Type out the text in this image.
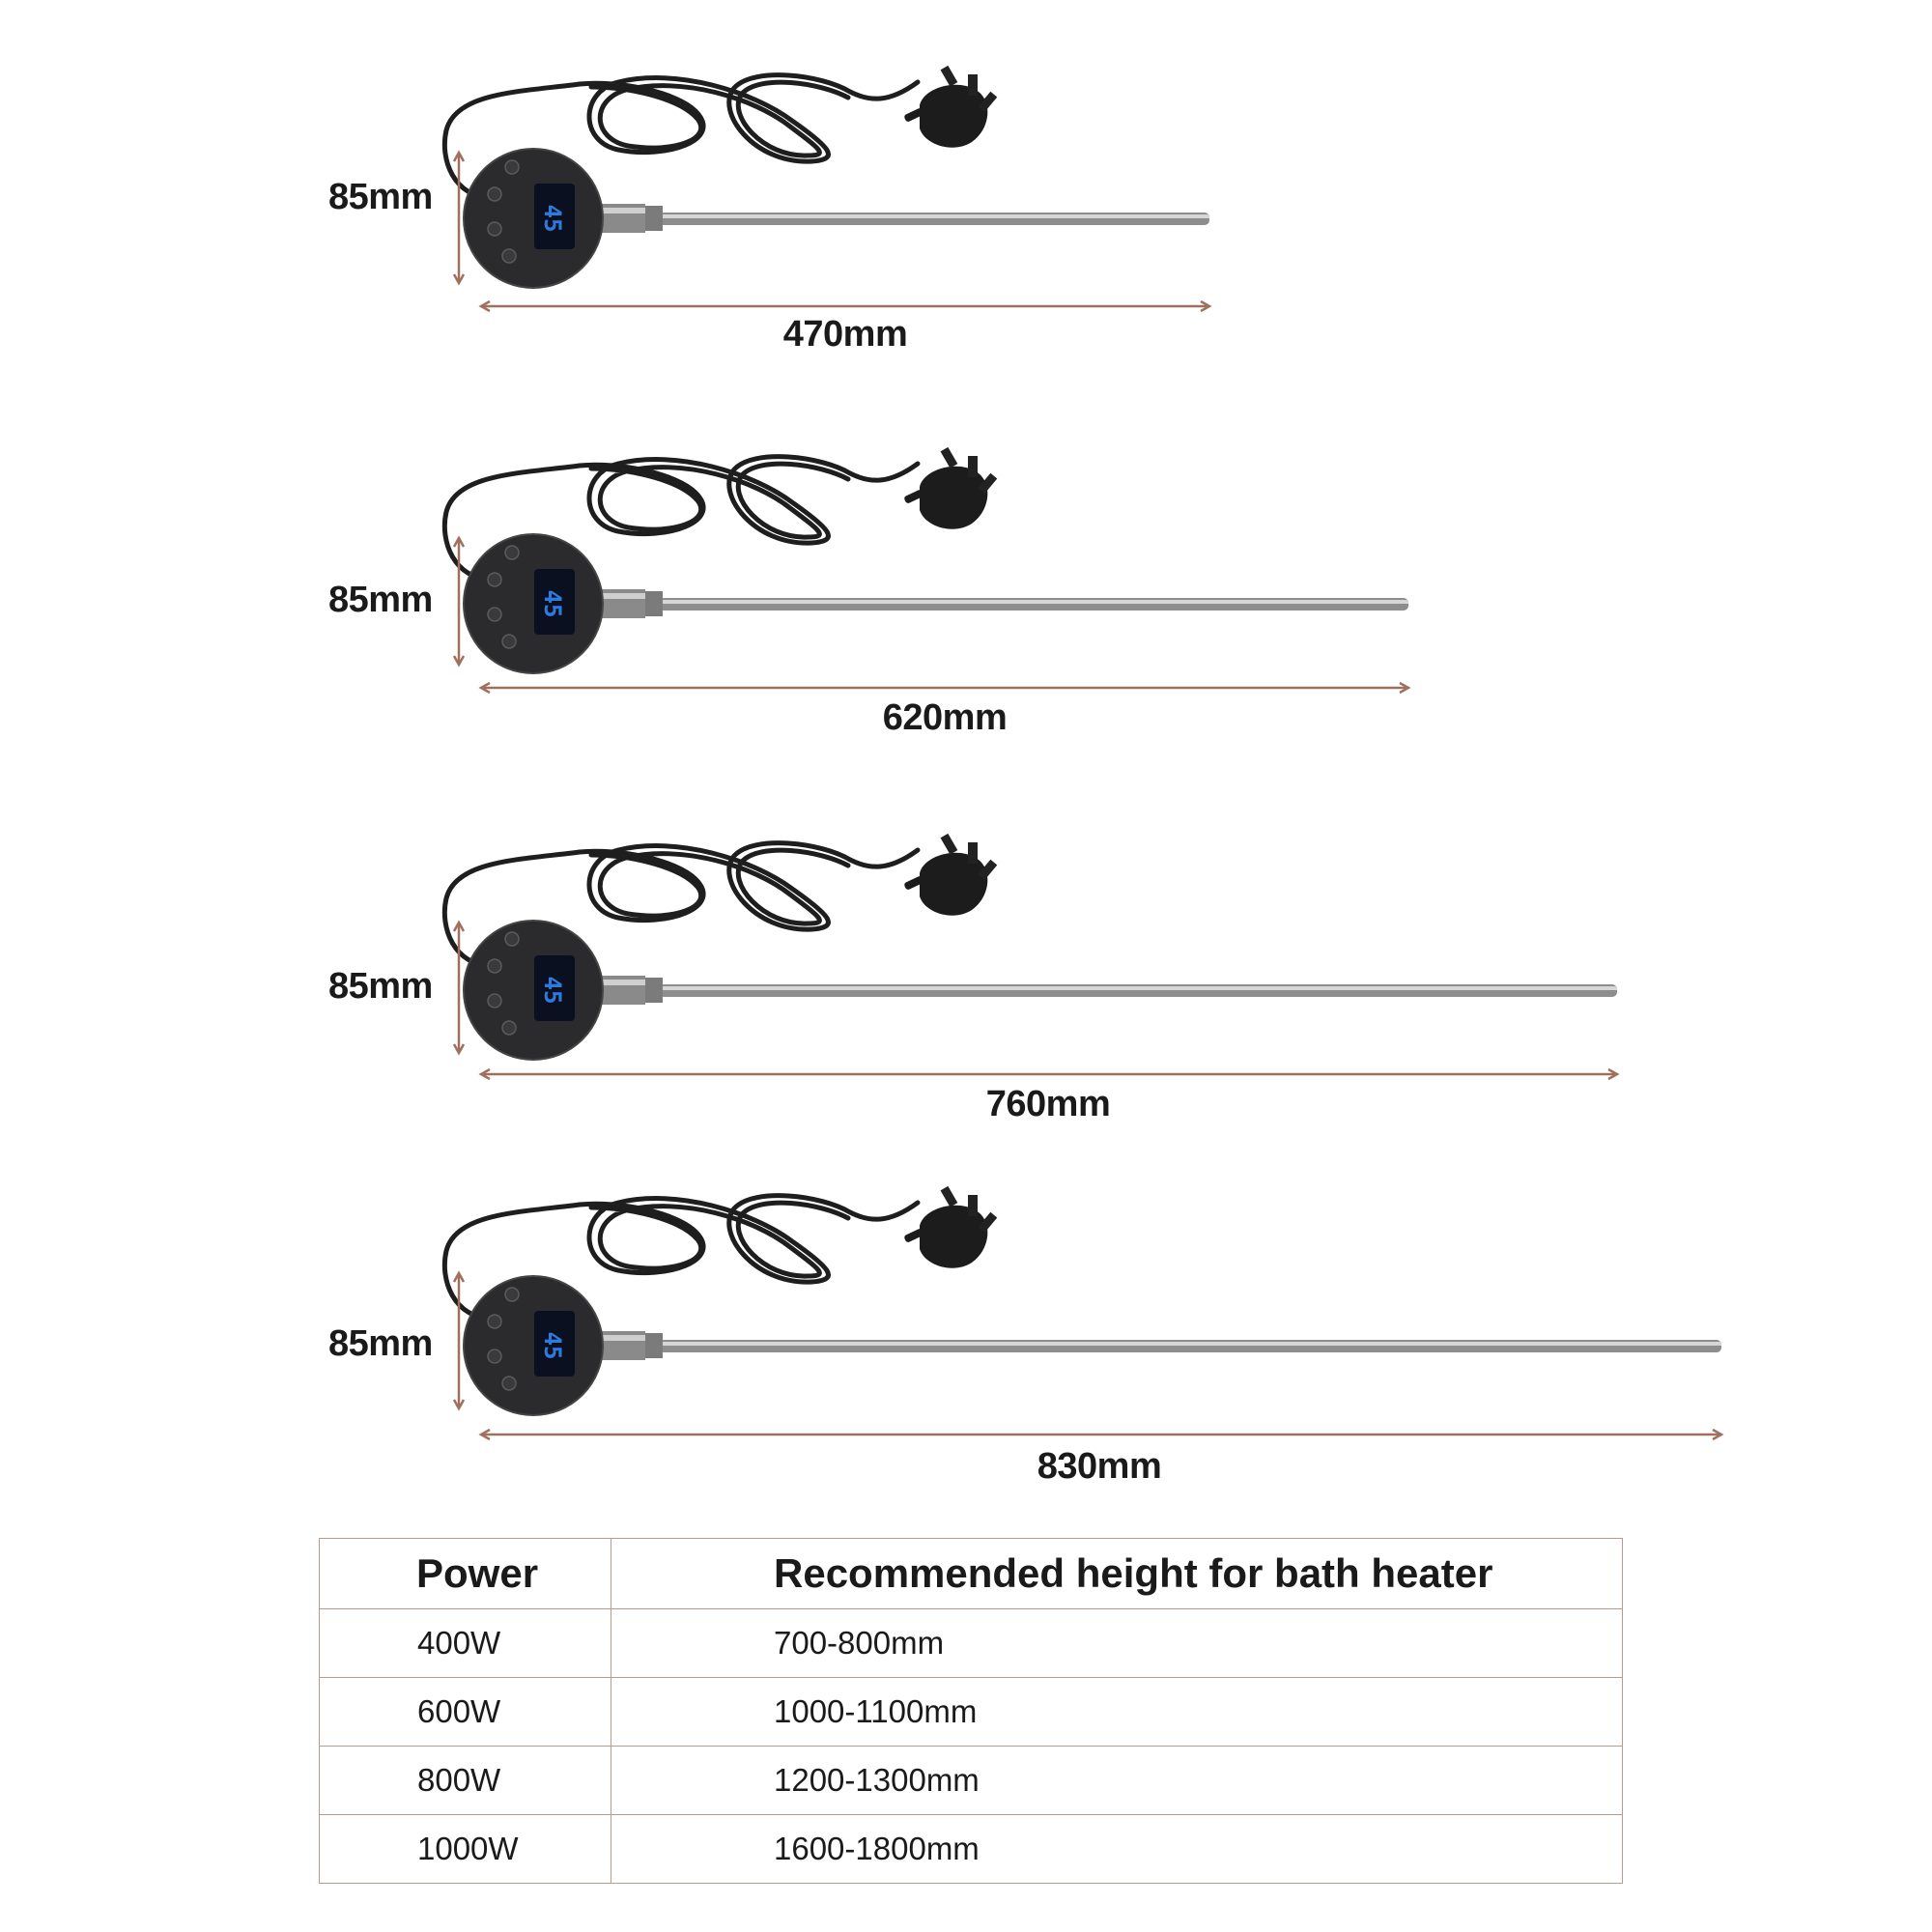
45
85mm
470mm
45
85mm
620mm
45
85mm
760mm
45
85mm
830mm
Power	Recommended height for bath heater
400W	700-800mm
600W	1000-1100mm
800W	1200-1300mm
1000W	1600-1800mm
